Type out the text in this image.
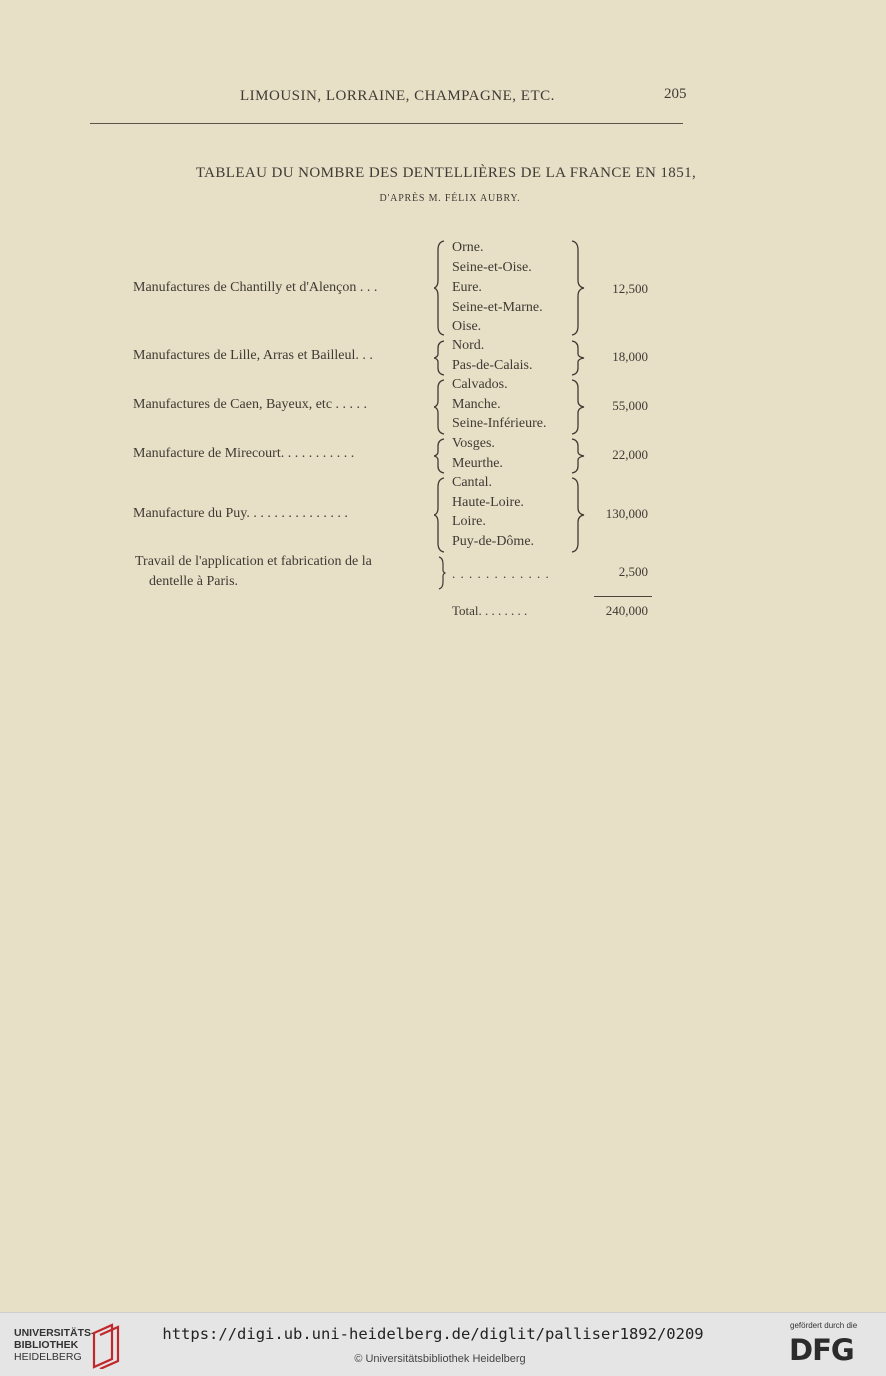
LIMOUSIN, LORRAINE, CHAMPAGNE, ETC.	205
TABLEAU DU NOMBRE DES DENTELLIÈRES DE LA FRANCE EN 1851,
D'APRÈS M. FÉLIX AUBRY.
Manufactures de Chantilly et d'Alençon . . .
Orne.
Seine-et-Oise.
Eure.
Seine-et-Marne.
Oise.
12,500
Manufactures de Lille, Arras et Bailleul. . .
Nord.
Pas-de-Calais.
18,000
Manufactures de Caen, Bayeux, etc . . . . .
Calvados.
Manche.
Seine-Inférieure.
55,000
Manufacture de Mirecourt. . . . . . . . . . .
Vosges.
Meurthe.
22,000
Manufacture du Puy. . . . . . . . . . . . . . .
Cantal.
Haute-Loire.
Loire.
Puy-de-Dôme.
130,000
Travail de l'application et fabrication de la
dentelle à Paris.
. . . . . . . . . . . .	2,500
Total. . . . . . . .	240,000
UNIVERSITÄTS-
BIBLIOTHEK
HEIDELBERG
https://digi.ub.uni-heidelberg.de/diglit/palliser1892/0209
© Universitätsbibliothek Heidelberg
gefördert durch die
DFG
